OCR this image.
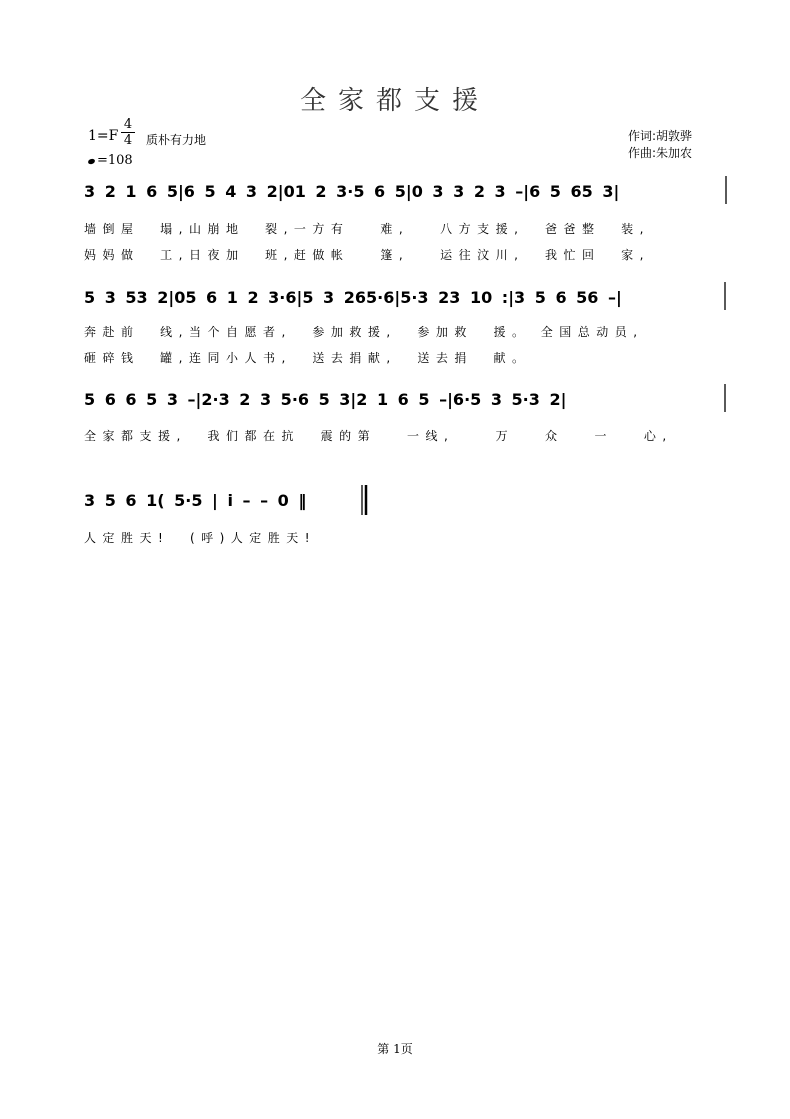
全家都支援
1=F
4
4 质朴有力地
=108
作词:胡敦骅
作曲:朱加农
3 2 1 6 5|6 5 4 3 2|01 2 3·5 6 5|0 3 3 2 3 –|6 5 65 3|
墙倒屋  塌,山崩地  裂,一方有   难,   八方支援,  爸爸整  装,
妈妈做  工,日夜加  班,赶做帐   篷,   运往汶川,  我忙回  家,
5 3 53 2|05 6 1 2 3·6|5 3 265·6|5·3 23 10 :|3 5 6 56 –|
奔赴前  线,当个自愿者,  参加救援,  参加救  援。 全国总动员,
砸碎钱  罐,连同小人书,  送去捐献,  送去捐  献。
5 6 6 5 3 –|2·3 2 3 5·6 5 3|2 1 6 5 –|6·5 3 5·3 2|
全家都支援,  我们都在抗  震的第   一线,    万   众   一   心,
3 5 6 1( 5·5 | i – – 0 ‖
人定胜天!  (呼)人定胜天!
第 1页
